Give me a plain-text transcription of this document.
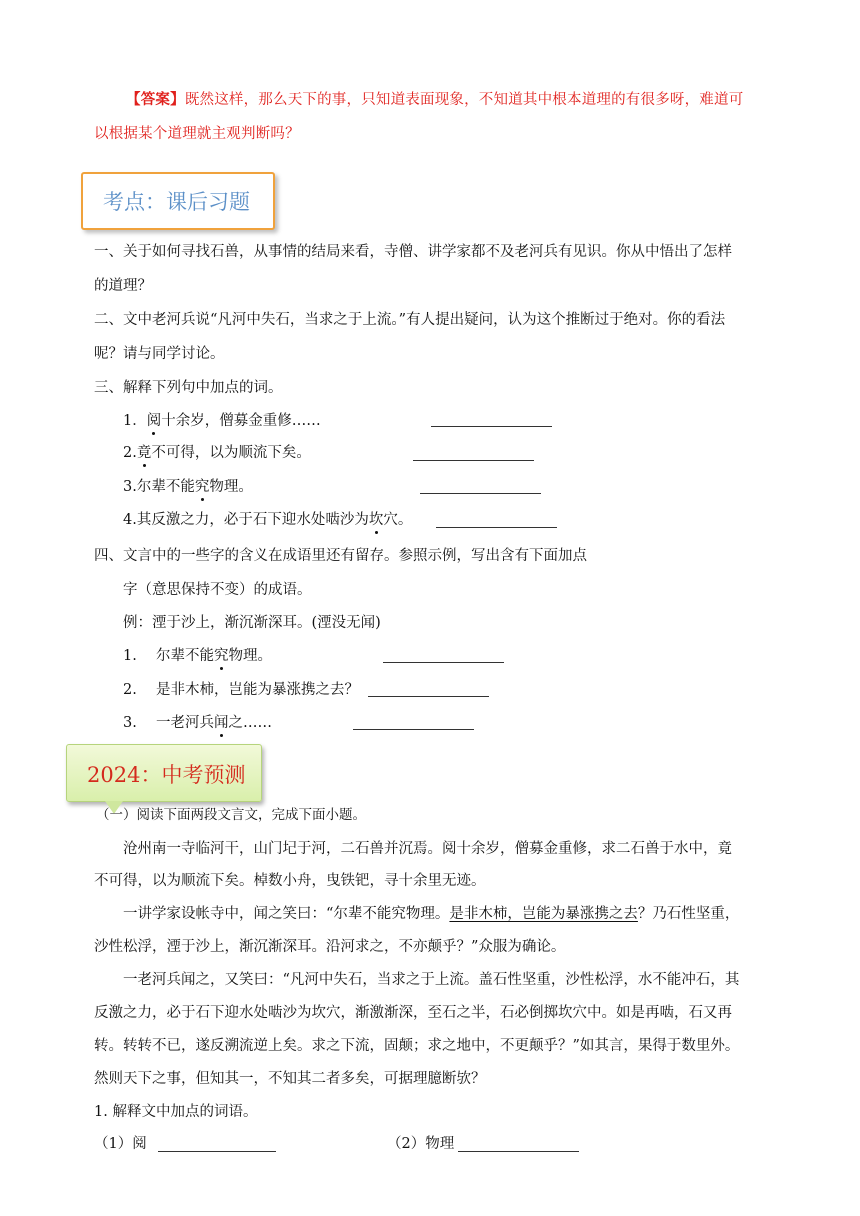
【答案】既然这样，那么天下的事，只知道表面现象，不知道其中根本道理的有很多呀，难道可
以根据某个道理就主观判断吗？
考点：课后习题
一、关于如何寻找石兽，从事情的结局来看，寺僧、讲学家都不及老河兵有见识。你从中悟出了怎样
的道理？
二、文中老河兵说“凡河中失石，当求之于上流。”有人提出疑问，认为这个推断过于绝对。你的看法
呢？请与同学讨论。
三、解释下列句中加点的词。
1．阅十余岁，僧募金重修……
2.竟不可得，以为顺流下矣。
3.尔辈不能究物理。
4.其反激之力，必于石下迎水处啮沙为坎穴。
四、文言中的一些字的含义在成语里还有留存。参照示例，写出含有下面加点
字（意思保持不变）的成语。
例：湮于沙上，渐沉渐深耳。(湮没无闻)
1. 尔辈不能究物理。
2. 是非木柿，岂能为暴涨携之去？
3. 一老河兵闻之……
2024：中考预测
（一）阅读下面两段文言文，完成下面小题。
沧州南一寺临河干，山门圮于河，二石兽并沉焉。阅十余岁，僧募金重修，求二石兽于水中，竟
不可得，以为顺流下矣。棹数小舟，曳铁钯，寻十余里无迹。
一讲学家设帐寺中，闻之笑曰：“尔辈不能究物理。是非木柿，岂能为暴涨携之去？乃石性坚重，
沙性松浮，湮于沙上，渐沉渐深耳。沿河求之，不亦颠乎？”众服为确论。
一老河兵闻之，又笑曰：“凡河中失石，当求之于上流。盖石性坚重，沙性松浮，水不能冲石，其
反激之力，必于石下迎水处啮沙为坎穴，渐激渐深，至石之半，石必倒掷坎穴中。如是再啮，石又再
转。转转不已，遂反溯流逆上矣。求之下流，固颠；求之地中，不更颠乎？”如其言，果得于数里外。
然则天下之事，但知其一，不知其二者多矣，可据理臆断欤？
1. 解释文中加点的词语。
（1）阅	（2）物理
